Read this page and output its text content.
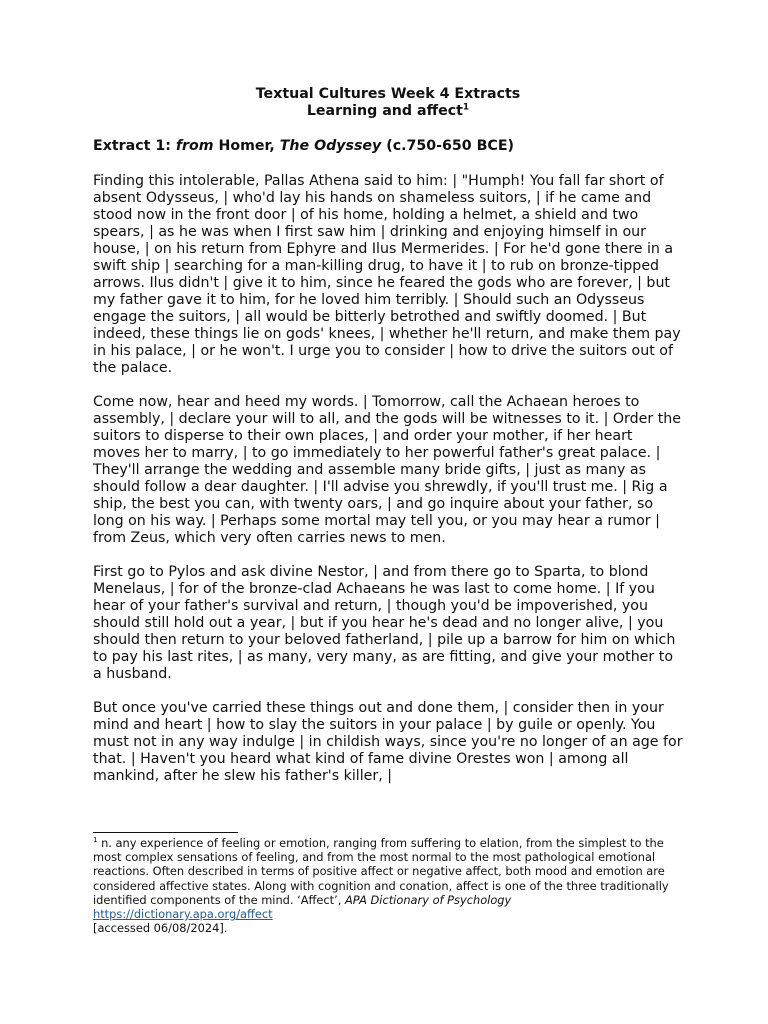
Textual Cultures Week 4 Extracts

Learning and affect$^1$

Extract 1: from Homer, The Odyssey (c.750-650 BCE)

Finding this intolerable, Pallas Athena said to him: | "Humph! You fall far short of absent Odysseus, | who'd lay his hands on shameless suitors, | if he came and stood now in the front door | of his home, holding a helmet, a shield and two spears, | as he was when I first saw him | drinking and enjoying himself in our house, | on his return from Ephyre and Ilus Mermerides. | For he'd gone there in a swift ship | searching for a man-killing drug, to have it | to rub on bronze-tipped arrows. Ilus didn't | give it to him, since he feared the gods who are forever, | but my father gave it to him, for he loved him terribly. | Should such an Odysseus engage the suitors, | all would be bitterly betrothed and swiftly doomed. | But indeed, these things lie on gods' knees, | whether he'll return, and make them pay in his palace, | or he won't. I urge you to consider | how to drive the suitors out of the palace.

Come now, hear and heed my words. | Tomorrow, call the Achaean heroes to assembly, | declare your will to all, and the gods will be witnesses to it. | Order the suitors to disperse to their own places, | and order your mother, if her heart moves her to marry, | to go immediately to her powerful father's great palace. | They'll arrange the wedding and assemble many bride gifts, | just as many as should follow a dear daughter. | I'll advise you shrewdly, if you'll trust me. | Rig a ship, the best you can, with twenty oars, | and go inquire about your father, so long on his way. | Perhaps some mortal may tell you, or you may hear a rumor | from Zeus, which very often carries news to men.

First go to Pylos and ask divine Nestor, | and from there go to Sparta, to blond Menelaus, | for of the bronze-clad Achaeans he was last to come home. | If you hear of your father's survival and return, | though you'd be impoverished, you should still hold out a year, | but if you hear he's dead and no longer alive, | you should then return to your beloved fatherland, | pile up a barrow for him on which to pay his last rites, | as many, very many, as are fitting, and give your mother to a husband.

But once you've carried these things out and done them, | consider then in your mind and heart | how to slay the suitors in your palace | by guile or openly. You must not in any way indulge | in childish ways, since you're no longer of an age for that. | Haven't you heard what kind of fame divine Orestes won | among all mankind, after he slew his father's killer, |

$^1$ n. any experience of feeling or emotion, ranging from suffering to elation, from the simplest to the most complex sensations of feeling, and from the most normal to the most pathological emotional reactions. Often described in terms of positive affect or negative affect, both mood and emotion are considered affective states. Along with cognition and conation, affect is one of the three traditionally identified components of the mind. ‘Affect’, APA Dictionary of Psychology https://dictionary.apa.org/affect
[accessed 06/08/2024].
